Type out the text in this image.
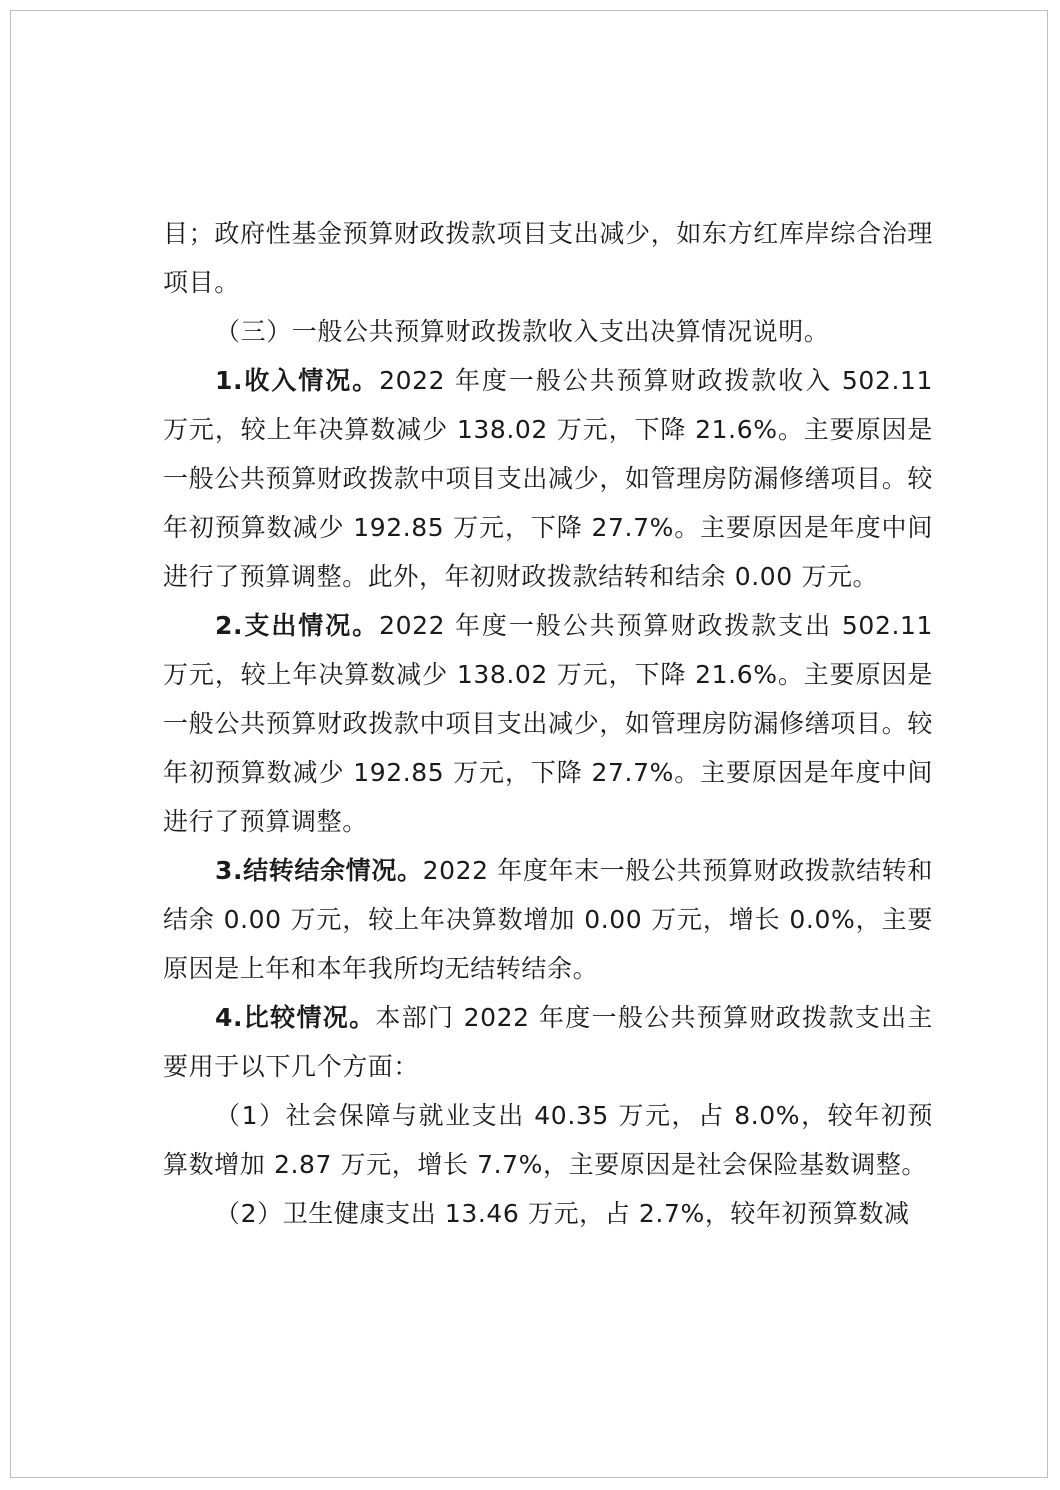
目；政府性基金预算财政拨款项目支出减少，如东方红库岸综合治理项目。

（三）一般公共预算财政拨款收入支出决算情况说明。

1.收入情况。2022 年度一般公共预算财政拨款收入 502.11 万元，较上年决算数减少 138.02 万元，下降 21.6%。主要原因是一般公共预算财政拨款中项目支出减少，如管理房防漏修缮项目。较年初预算数减少 192.85 万元，下降 27.7%。主要原因是年度中间进行了预算调整。此外，年初财政拨款结转和结余 0.00 万元。

2.支出情况。2022 年度一般公共预算财政拨款支出 502.11 万元，较上年决算数减少 138.02 万元，下降 21.6%。主要原因是一般公共预算财政拨款中项目支出减少，如管理房防漏修缮项目。较年初预算数减少 192.85 万元，下降 27.7%。主要原因是年度中间进行了预算调整。

3.结转结余情况。2022 年度年末一般公共预算财政拨款结转和结余 0.00 万元，较上年决算数增加 0.00 万元，增长 0.0%，主要原因是上年和本年我所均无结转结余。

4.比较情况。本部门 2022 年度一般公共预算财政拨款支出主要用于以下几个方面：

（1）社会保障与就业支出 40.35 万元，占 8.0%，较年初预算数增加 2.87 万元，增长 7.7%，主要原因是社会保险基数调整。

（2）卫生健康支出 13.46 万元，占 2.7%，较年初预算数减
